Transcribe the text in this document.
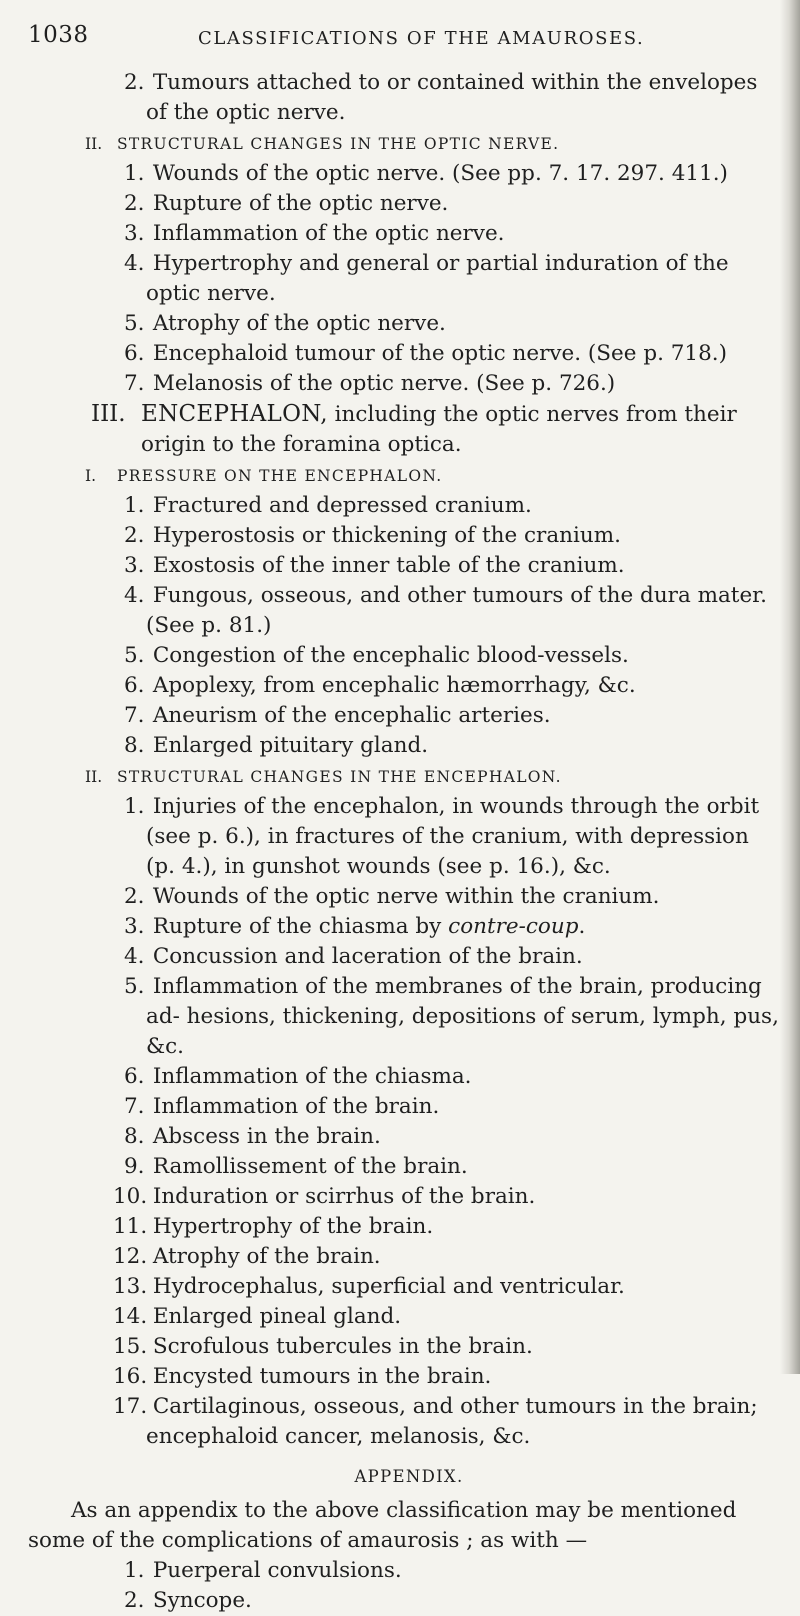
1038	CLASSIFICATIONS OF THE AMAUROSES.
2. Tumours attached to or contained within the envelopes of the optic nerve.
II. STRUCTURAL CHANGES IN THE OPTIC NERVE.
1. Wounds of the optic nerve. (See pp. 7. 17. 297. 411.)
2. Rupture of the optic nerve.
3. Inflammation of the optic nerve.
4. Hypertrophy and general or partial induration of the optic nerve.
5. Atrophy of the optic nerve.
6. Encephaloid tumour of the optic nerve. (See p. 718.)
7. Melanosis of the optic nerve. (See p. 726.)
III. ENCEPHALON, including the optic nerves from their origin to the foramina optica.
I. PRESSURE ON THE ENCEPHALON.
1. Fractured and depressed cranium.
2. Hyperostosis or thickening of the cranium.
3. Exostosis of the inner table of the cranium.
4. Fungous, osseous, and other tumours of the dura mater. (See p. 81.)
5. Congestion of the encephalic blood-vessels.
6. Apoplexy, from encephalic hæmorrhagy, &c.
7. Aneurism of the encephalic arteries.
8. Enlarged pituitary gland.
II. STRUCTURAL CHANGES IN THE ENCEPHALON.
1. Injuries of the encephalon, in wounds through the orbit (see p. 6.), in fractures of the cranium, with depression (p. 4.), in gunshot wounds (see p. 16.), &c.
2. Wounds of the optic nerve within the cranium.
3. Rupture of the chiasma by contre-coup.
4. Concussion and laceration of the brain.
5. Inflammation of the membranes of the brain, producing ad- hesions, thickening, depositions of serum, lymph, pus, &c.
6. Inflammation of the chiasma.
7. Inflammation of the brain.
8. Abscess in the brain.
9. Ramollissement of the brain.
10. Induration or scirrhus of the brain.
11. Hypertrophy of the brain.
12. Atrophy of the brain.
13. Hydrocephalus, superficial and ventricular.
14. Enlarged pineal gland.
15. Scrofulous tubercules in the brain.
16. Encysted tumours in the brain.
17. Cartilaginous, osseous, and other tumours in the brain; encephaloid cancer, melanosis, &c.
APPENDIX.
As an appendix to the above classification may be mentioned some of the complications of amaurosis ; as with —
1. Puerperal convulsions.
2. Syncope.
